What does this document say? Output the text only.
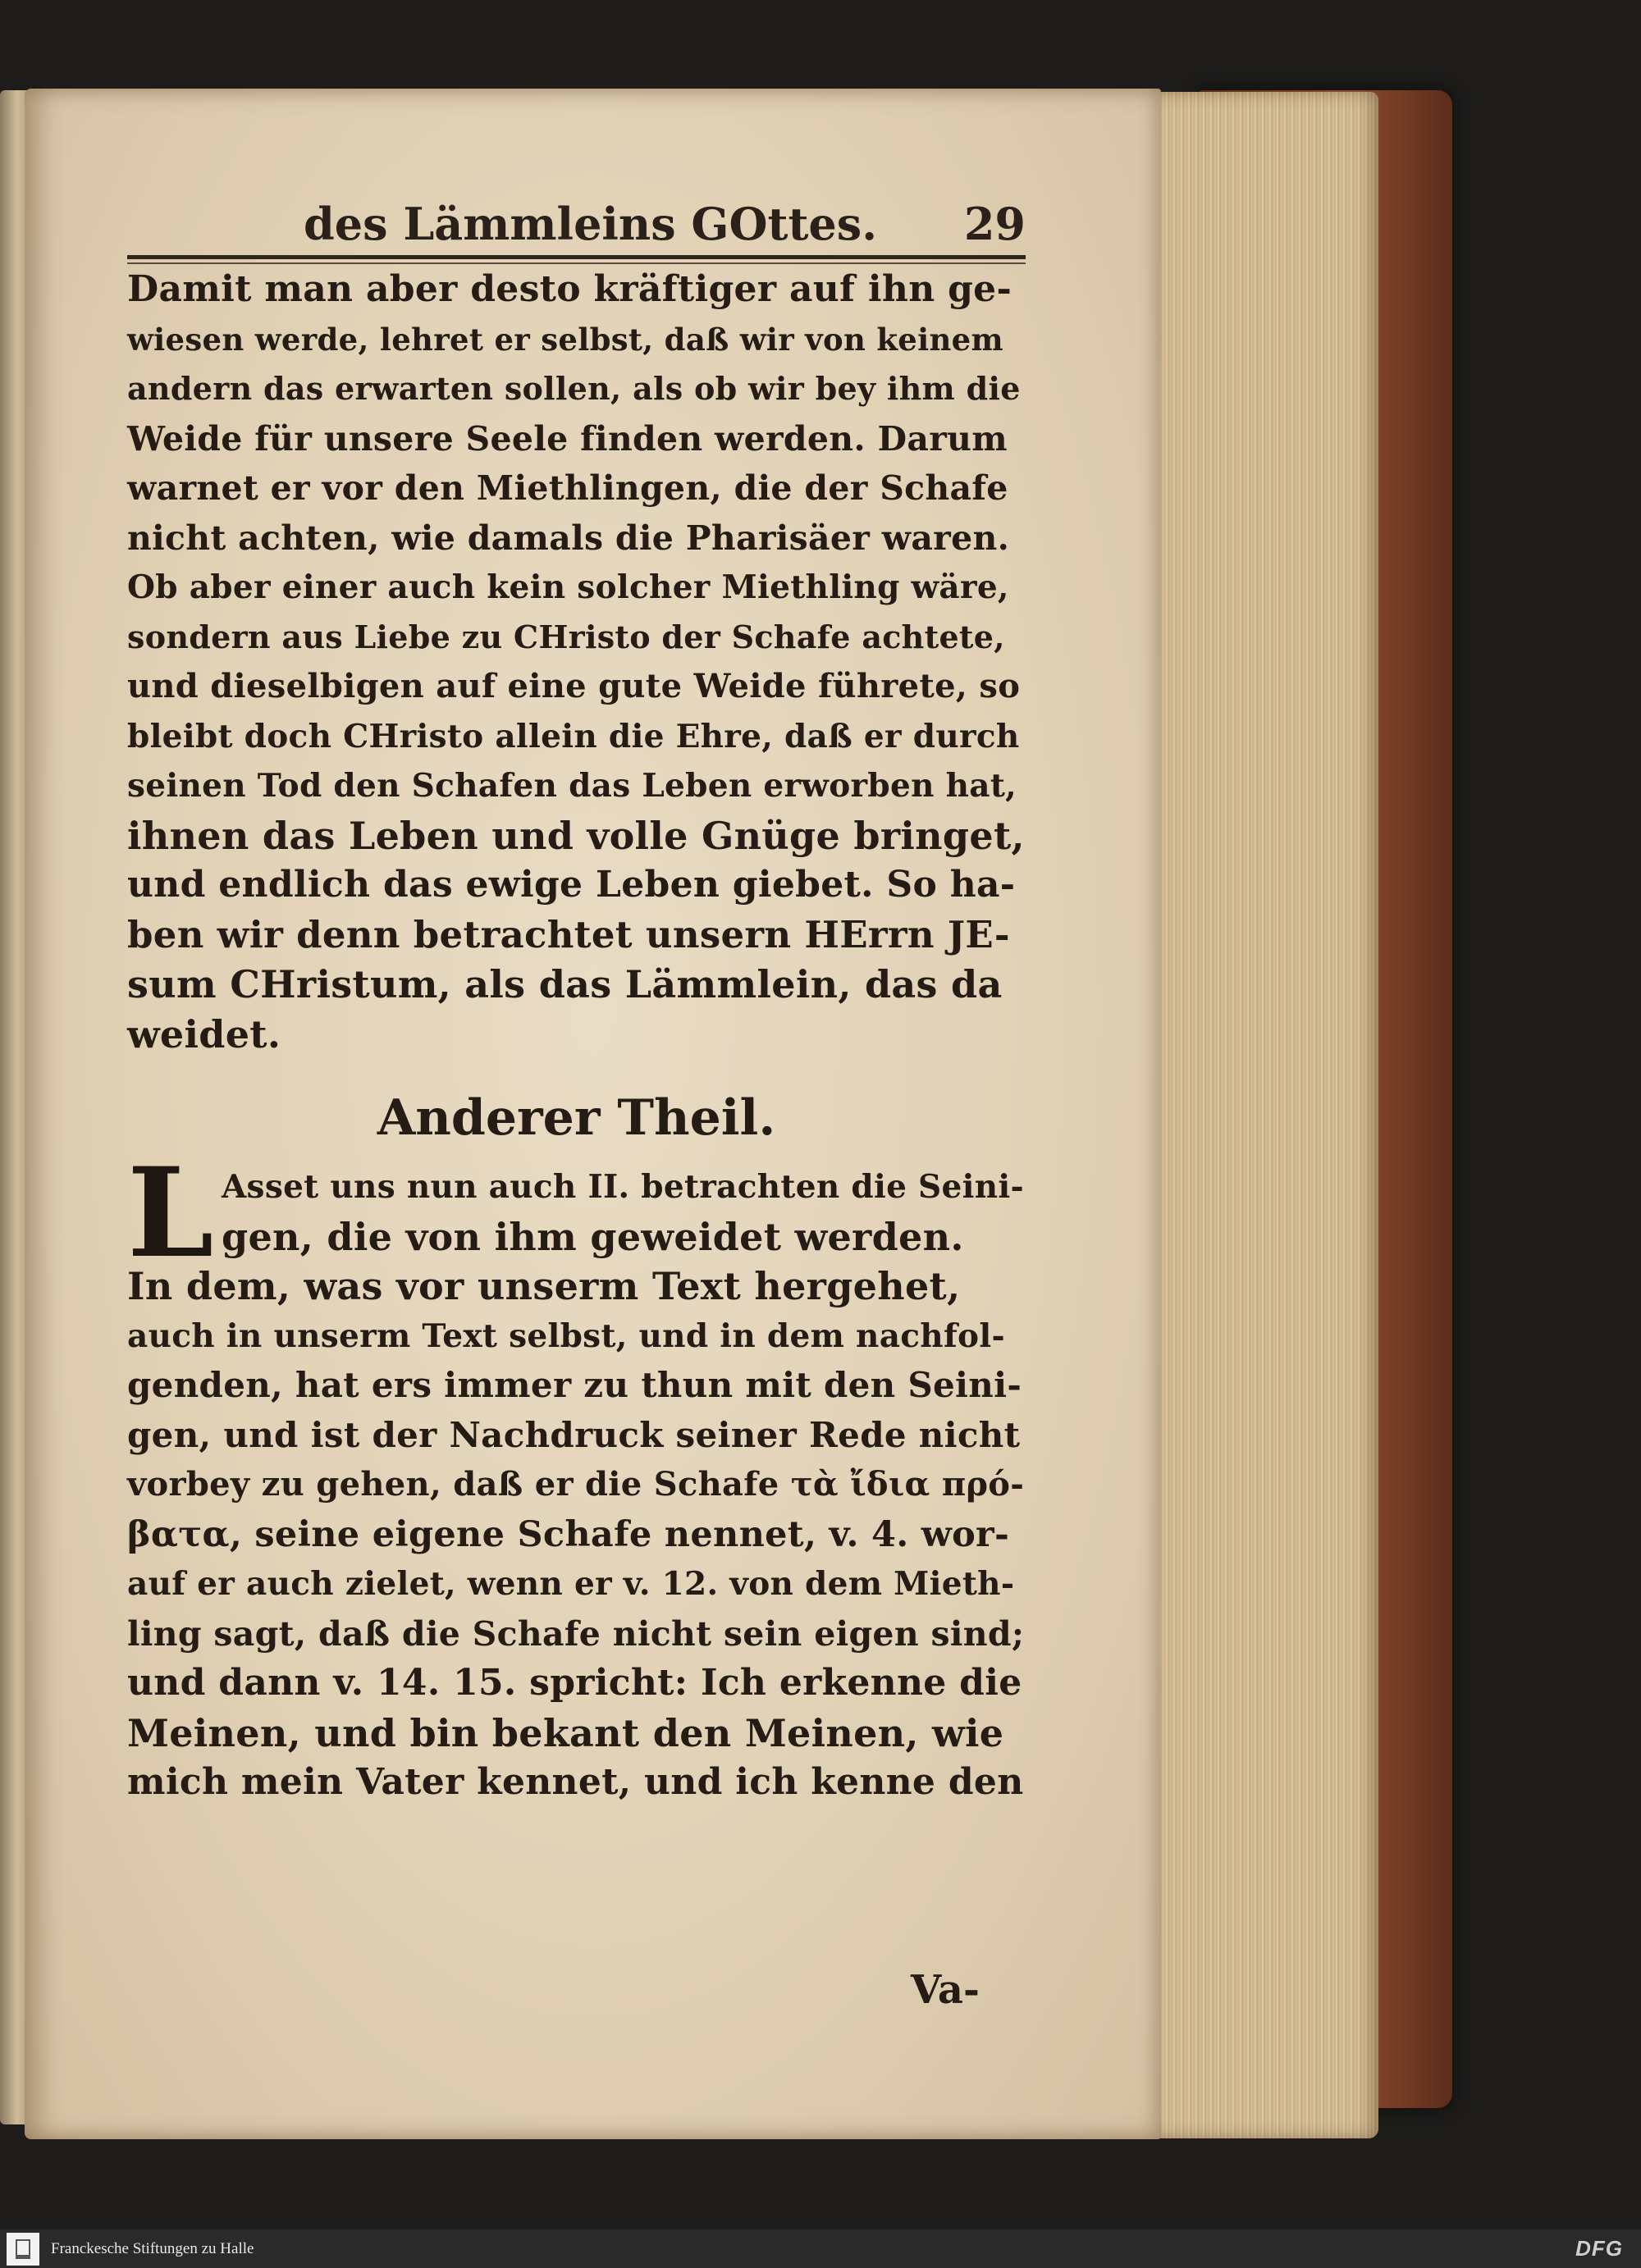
des Lämmleins GOttes. 29
Damit man aber desto kräftiger auf ihn ge-
wiesen werde, lehret er selbst, daß wir von keinem
andern das erwarten sollen, als ob wir bey ihm die
Weide für unsere Seele finden werden. Darum
warnet er vor den Miethlingen, die der Schafe
nicht achten, wie damals die Pharisäer waren.
Ob aber einer auch kein solcher Miethling wäre,
sondern aus Liebe zu CHristo der Schafe achtete,
und dieselbigen auf eine gute Weide führete, so
bleibt doch CHristo allein die Ehre, daß er durch
seinen Tod den Schafen das Leben erworben hat,
ihnen das Leben und volle Gnüge bringet,
und endlich das ewige Leben giebet. So ha-
ben wir denn betrachtet unsern HErrn JE-
sum CHristum, als das Lämmlein, das da
weidet.
Anderer Theil.
L Asset uns nun auch II. betrachten die Seini-
gen, die von ihm geweidet werden.
In dem, was vor unserm Text hergehet,
auch in unserm Text selbst, und in dem nachfol-
genden, hat ers immer zu thun mit den Seini-
gen, und ist der Nachdruck seiner Rede nicht
vorbey zu gehen, daß er die Schafe τὰ ἴδια πρό-
βατα, seine eigene Schafe nennet, v. 4. wor-
auf er auch zielet, wenn er v. 12. von dem Mieth-
ling sagt, daß die Schafe nicht sein eigen sind;
und dann v. 14. 15. spricht: Ich erkenne die
Meinen, und bin bekant den Meinen, wie
mich mein Vater kennet, und ich kenne den
Va-
Franckesche Stiftungen zu Halle	DFG
